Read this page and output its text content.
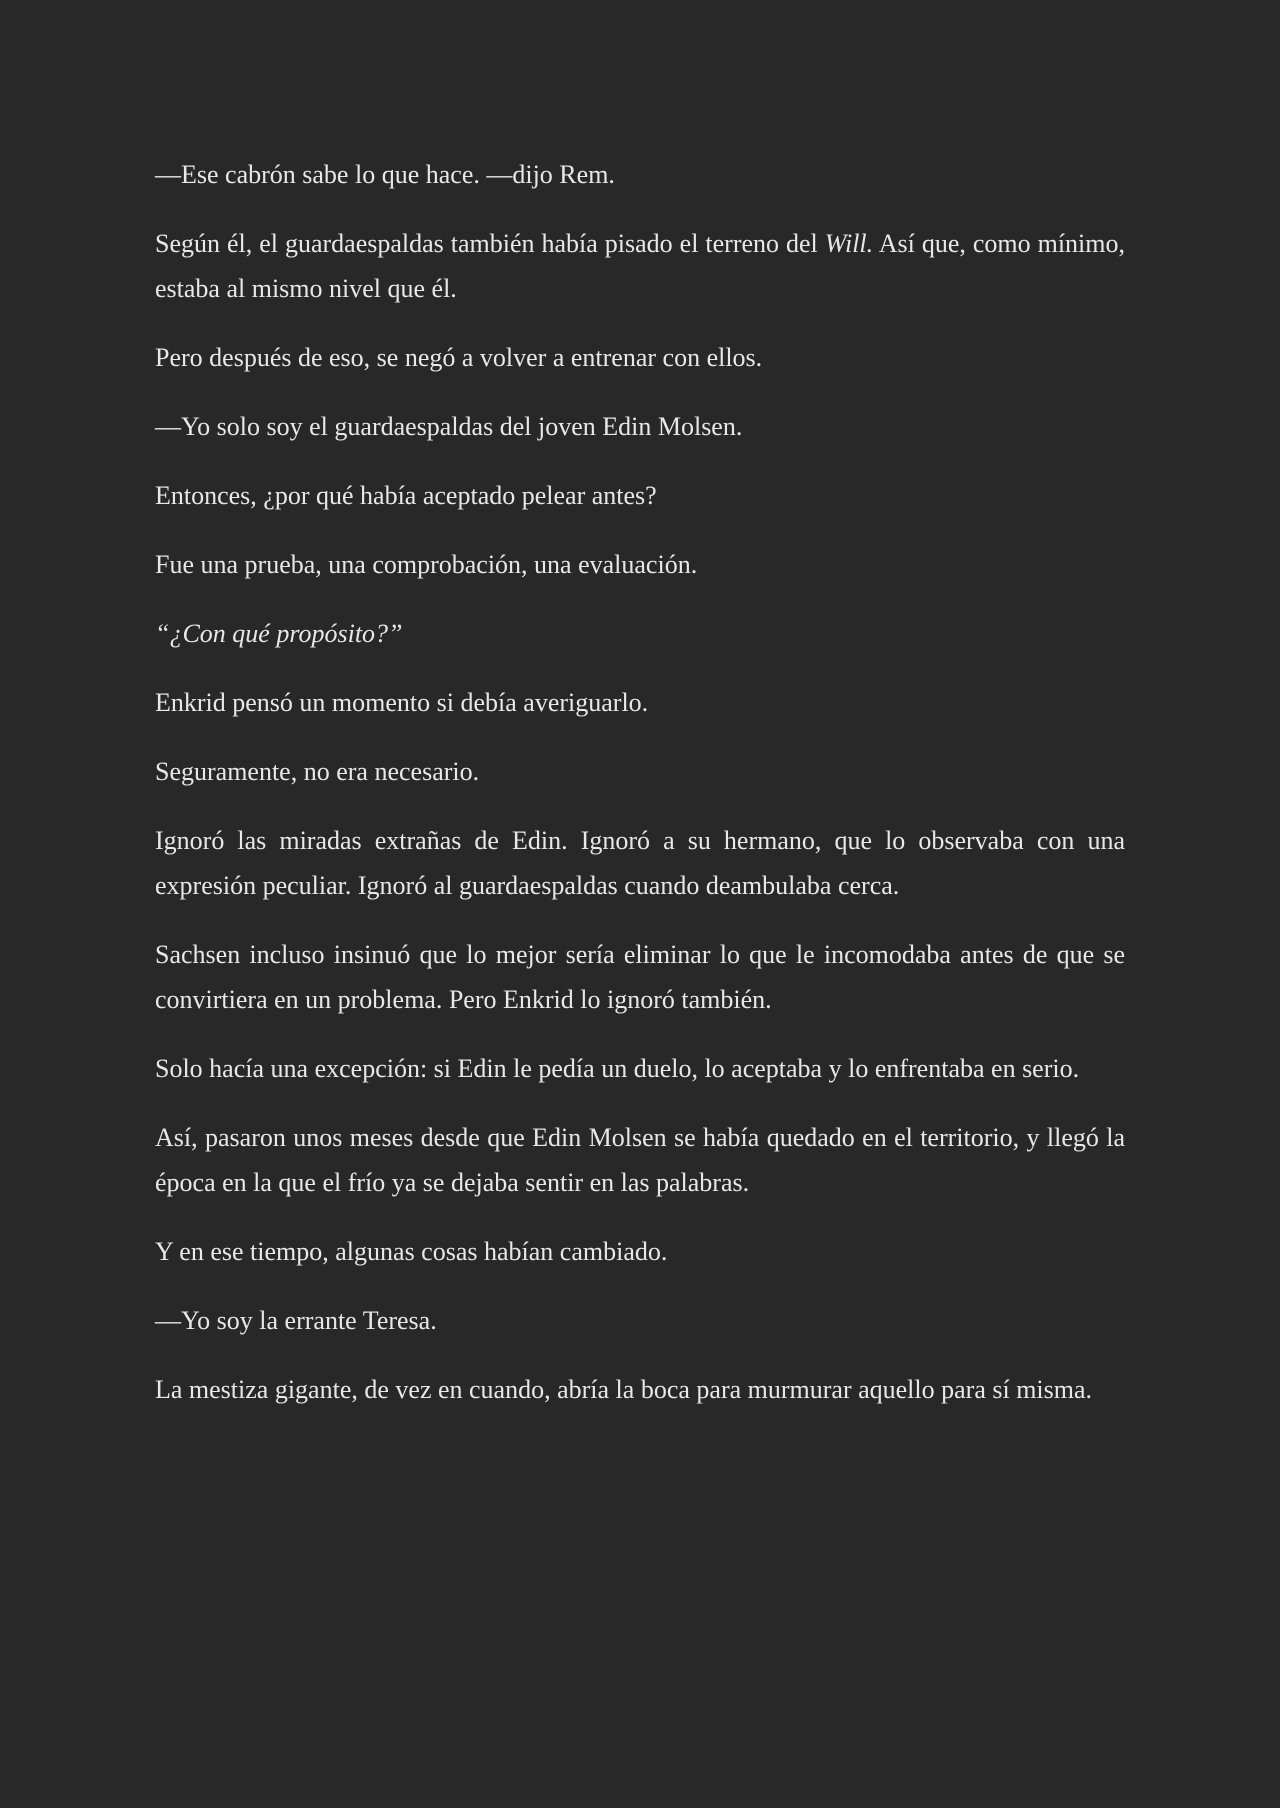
—Ese cabrón sabe lo que hace. —dijo Rem.

Según él, el guardaespaldas también había pisado el terreno del Will. Así que, como mínimo, estaba al mismo nivel que él.

Pero después de eso, se negó a volver a entrenar con ellos.

—Yo solo soy el guardaespaldas del joven Edin Molsen.

Entonces, ¿por qué había aceptado pelear antes?

Fue una prueba, una comprobación, una evaluación.

“¿Con qué propósito?”

Enkrid pensó un momento si debía averiguarlo.

Seguramente, no era necesario.

Ignoró las miradas extrañas de Edin. Ignoró a su hermano, que lo observaba con una expresión peculiar. Ignoró al guardaespaldas cuando deambulaba cerca.

Sachsen incluso insinuó que lo mejor sería eliminar lo que le incomodaba antes de que se convirtiera en un problema. Pero Enkrid lo ignoró también.

Solo hacía una excepción: si Edin le pedía un duelo, lo aceptaba y lo enfrentaba en serio.

Así, pasaron unos meses desde que Edin Molsen se había quedado en el territorio, y llegó la época en la que el frío ya se dejaba sentir en las palabras.

Y en ese tiempo, algunas cosas habían cambiado.

—Yo soy la errante Teresa.

La mestiza gigante, de vez en cuando, abría la boca para murmurar aquello para sí misma.
